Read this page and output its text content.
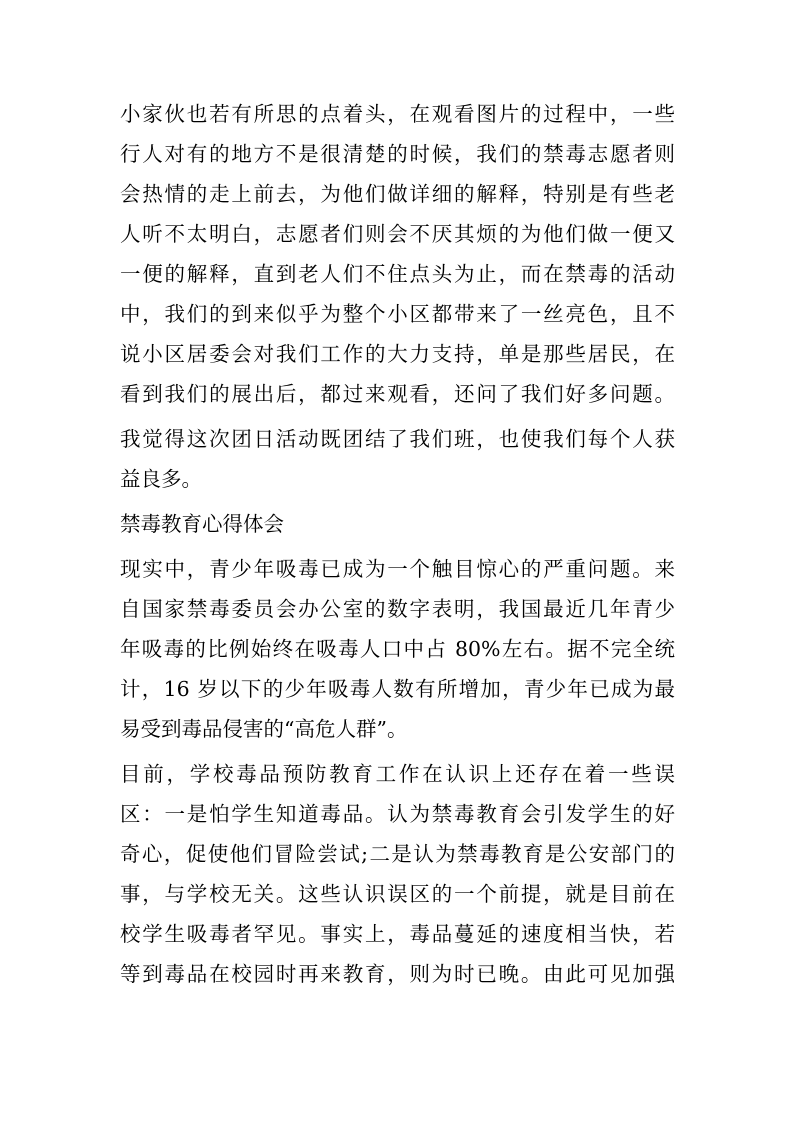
小家伙也若有所思的点着头，在观看图片的过程中，一些
行人对有的地方不是很清楚的时候，我们的禁毒志愿者则
会热情的走上前去，为他们做详细的解释，特别是有些老
人听不太明白，志愿者们则会不厌其烦的为他们做一便又
一便的解释，直到老人们不住点头为止，而在禁毒的活动
中，我们的到来似乎为整个小区都带来了一丝亮色，且不
说小区居委会对我们工作的大力支持，单是那些居民，在
看到我们的展出后，都过来观看，还问了我们好多问题。
我觉得这次团日活动既团结了我们班，也使我们每个人获
益良多。
禁毒教育心得体会
现实中，青少年吸毒已成为一个触目惊心的严重问题。来
自国家禁毒委员会办公室的数字表明，我国最近几年青少
年吸毒的比例始终在吸毒人口中占 80%左右。据不完全统
计，16 岁以下的少年吸毒人数有所增加，青少年已成为最
易受到毒品侵害的“高危人群”。
目前，学校毒品预防教育工作在认识上还存在着一些误
区：一是怕学生知道毒品。认为禁毒教育会引发学生的好
奇心，促使他们冒险尝试;二是认为禁毒教育是公安部门的
事，与学校无关。这些认识误区的一个前提，就是目前在
校学生吸毒者罕见。事实上，毒品蔓延的速度相当快，若
等到毒品在校园时再来教育，则为时已晚。由此可见加强
